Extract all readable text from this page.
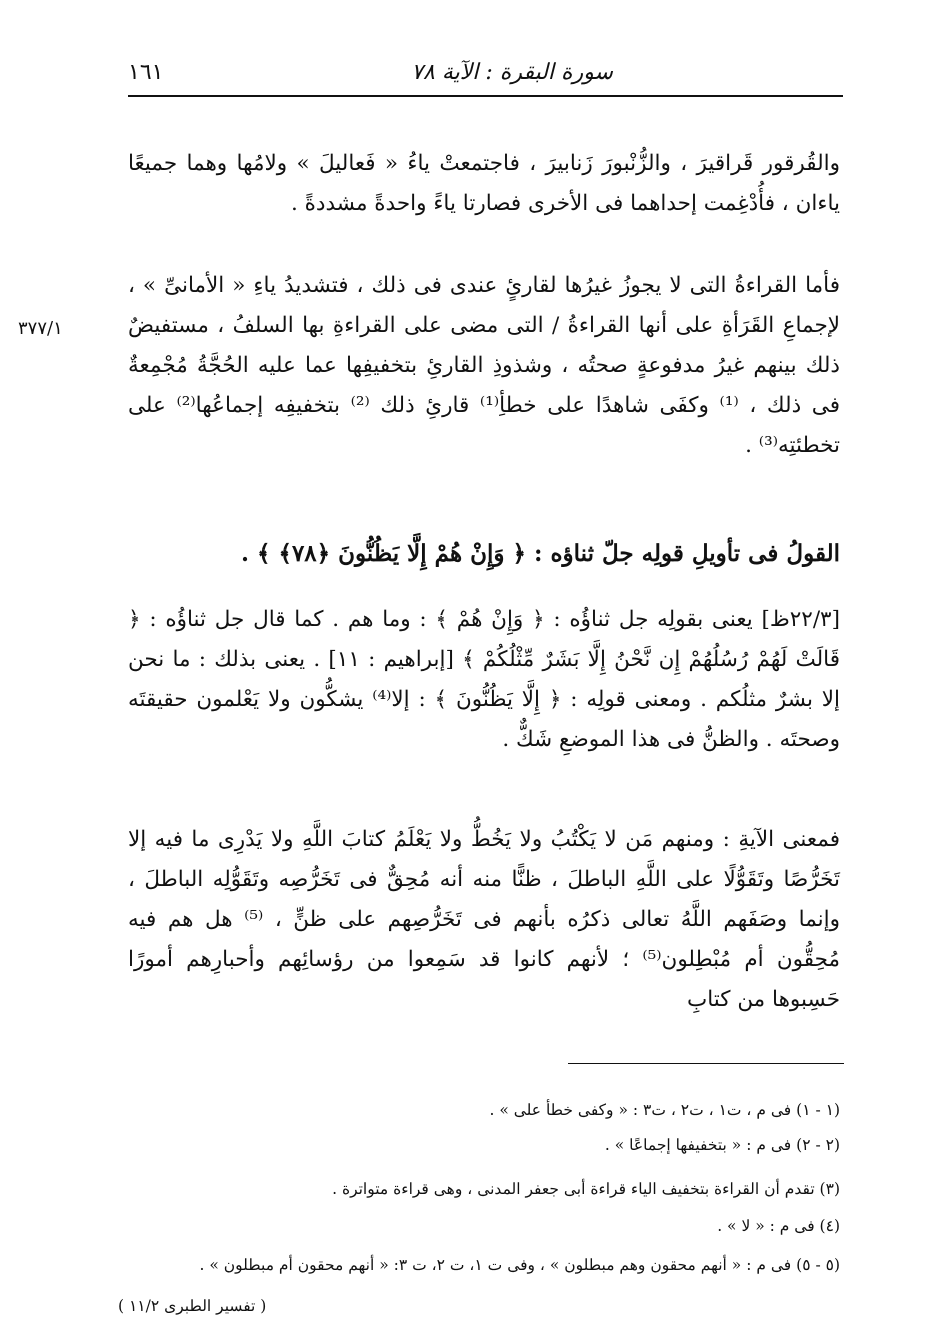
سورة البقرة : الآية ٧٨
١٦١
٣٧٧/١
والقُرقور قَراقيرَ ، والزُّنْبورَ زَنابيرَ ، فاجتمعتْ ياءُ « فَعاليلَ » ولامُها وهما جميعًا ياءان ، فأُدْغِمت إحداهما فى الأخرى فصارتا ياءً واحدةً مشددةً .
فأما القراءةُ التى لا يجوزُ غيرُها لقارئٍ عندى فى ذلك ، فتشديدُ ياءِ « الأمانىِّ » ، لإجماعِ القَرَأةِ على أنها القراءةُ / التى مضى على القراءةِ بها السلفُ ، مستفيضٌ ذلك بينهم غيرُ مدفوعةٍ صحتُه ، وشذوذِ القارئِ بتخفيفِها عما عليه الحُجَّةُ مُجْمِعةٌ فى ذلك ، ⁽¹⁾ وكفَى شاهدًا على خطأِ⁽¹⁾ قارئِ ذلك ⁽²⁾ بتخفيفِه إجماعُها⁽²⁾ على تخطئتِه⁽³⁾ .
القولُ فى تأويلِ قولِه جلّ ثناؤه : ﴿ وَإِنْ هُمْ إِلَّا يَظُنُّونَ ﴿٧٨﴾ ﴾ .
[٢٢/٣ظ] يعنى بقولِه جل ثناؤُه : ﴿ وَإِنْ هُمْ ﴾ : وما هم . كما قال جل ثناؤُه : ﴿ قَالَتْ لَهُمْ رُسُلُهُمْ إِن نَّحْنُ إِلَّا بَشَرٌ مِّثْلُكُمْ ﴾ [إبراهيم : ١١] . يعنى بذلك : ما نحن إلا بشرٌ مثلُكم . ومعنى قولِه : ﴿ إِلَّا يَظُنُّونَ ﴾ : إلا⁽⁴⁾ يشكُّون ولا يَعْلمون حقيقتَه وصحتَه . والظنُّ فى هذا الموضعِ شَكٌّ .
فمعنى الآيةِ : ومنهم مَن لا يَكْتُبُ ولا يَخُطُّ ولا يَعْلَمُ كتابَ اللَّهِ ولا يَدْرِى ما فيه إلا تَخَرُّصًا وتَقَوُّلًا على اللَّهِ الباطلَ ، ظنًّا منه أنه مُحِقٌّ فى تَخَرُّصِه وتَقَوُّلِه الباطلَ ، وإنما وصَفَهم اللَّهُ تعالى ذكرُه بأنهم فى تَخَرُّصِهم على ظنٍّ ، ⁽⁵⁾ هل هم فيه مُحِقُّون أم مُبْطِلون⁽⁵⁾ ؛ لأنهم كانوا قد سَمِعوا من رؤسائِهم وأحبارِهم أمورًا حَسِبوها من كتابِ
(١ - ١) فى م ، ت١ ، ت٢ ، ت٣ : « وكفى خطأ على » .
(٢ - ٢) فى م : « بتخفيفها إجماعًا » .
(٣) تقدم أن القراءة بتخفيف الياء قراءة أبى جعفر المدنى ، وهى قراءة متواترة .
(٤) فى م : « لا » .
(٥ - ٥) فى م : « أنهم محقون وهم مبطلون » ، وفى ت ١، ت ٢، ت ٣: « أنهم محقون أم مبطلون » .
( تفسير الطبرى ١١/٢ )
